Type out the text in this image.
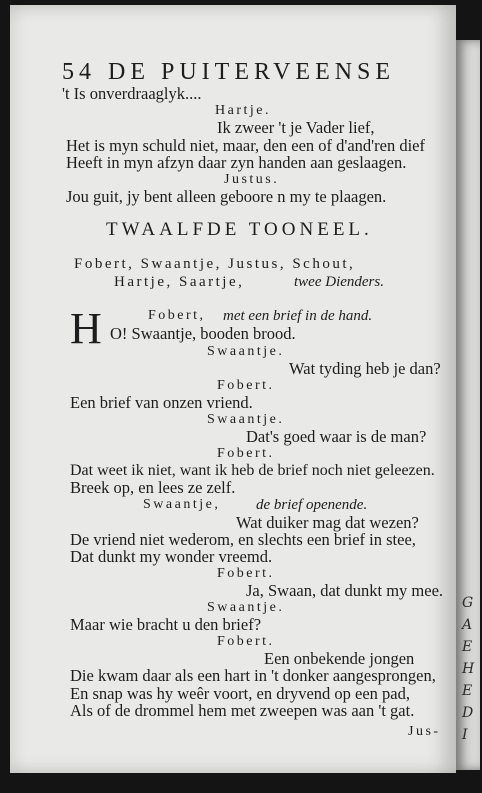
54 DE PUITERVEENSE
't Is onverdraaglyk....
Hartje.
Ik zweer 't je Vader lief,
Het is myn schuld niet, maar, den een of d'and'ren dief
Heeft in myn afzyn daar zyn handen aan geslaagen.
Justus.
Jou guit, jy bent alleen geboore n my te plaagen.
TWAALFDE TOONEEL.
Fobert, Swaantje, Justus, Schout,
Hartje, Saartje,	twee Dienders.
H	Fobert, met een brief in de hand.
O! Swaantje, booden brood.
Swaantje.
Wat tyding heb je dan?
Fobert.
Een brief van onzen vriend.
Swaantje.
Dat's goed waar is de man?
Fobert.
Dat weet ik niet, want ik heb de brief noch niet geleezen.
Breek op, en lees ze zelf.
Swaantje, de brief openende.
Wat duiker mag dat wezen?
De vriend niet wederom, en slechts een brief in stee,
Dat dunkt my wonder vreemd.
Fobert.
Ja, Swaan, dat dunkt my mee.
Swaantje.
Maar wie bracht u den brief?
Fobert.
Een onbekende jongen
Die kwam daar als een hart in 't donker aangesprongen,
En snap was hy weêr voort, en dryvend op een pad,
Als of de drommel hem met zweepen was aan 't gat.
Jus-
G
A
E
H
E
D
I
